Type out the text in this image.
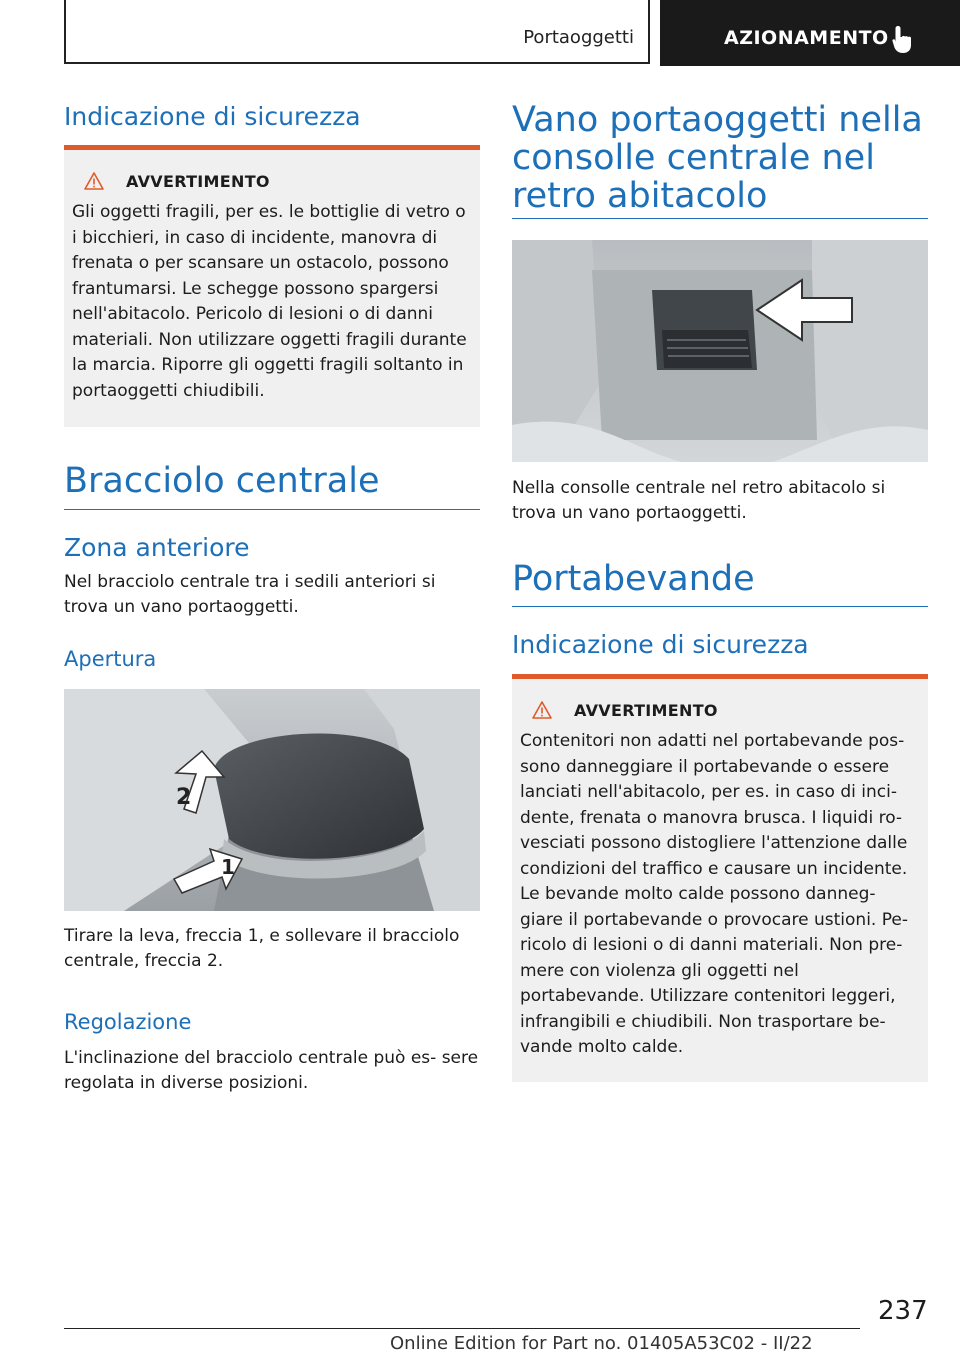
Portaoggetti	AZIONAMENTO
Indicazione di sicurezza
AVVERTIMENTO
Gli oggetti fragili, per es. le bottiglie di vetro o i bicchieri, in caso di incidente, manovra di frenata o per scansare un ostacolo, possono frantumarsi. Le schegge possono spargersi nell'abitacolo. Pericolo di lesioni o di danni materiali. Non utilizzare oggetti fragili durante la marcia. Riporre gli oggetti fragili soltanto in portaoggetti chiudibili.
Bracciolo centrale
Zona anteriore
Nel bracciolo centrale tra i sedili anteriori si trova un vano portaoggetti.
Apertura
2
1
Tirare la leva, freccia 1, e sollevare il bracciolo centrale, freccia 2.
Regolazione
L'inclinazione del bracciolo centrale può es- sere regolata in diverse posizioni.
Vano portaoggetti nella consolle centrale nel retro abitacolo
Nella consolle centrale nel retro abitacolo si trova un vano portaoggetti.
Portabevande
Indicazione di sicurezza
AVVERTIMENTO
Contenitori non adatti nel portabevande pos- sono danneggiare il portabevande o essere lanciati nell'abitacolo, per es. in caso di inci- dente, frenata o manovra brusca. I liquidi ro- vesciati possono distogliere l'attenzione dalle condizioni del traffico e causare un incidente. Le bevande molto calde possono danneg- giare il portabevande o provocare ustioni. Pe- ricolo di lesioni o di danni materiali. Non pre- mere con violenza gli oggetti nel portabevande. Utilizzare contenitori leggeri, infrangibili e chiudibili. Non trasportare be- vande molto calde.
237
Online Edition for Part no. 01405A53C02 - II/22
